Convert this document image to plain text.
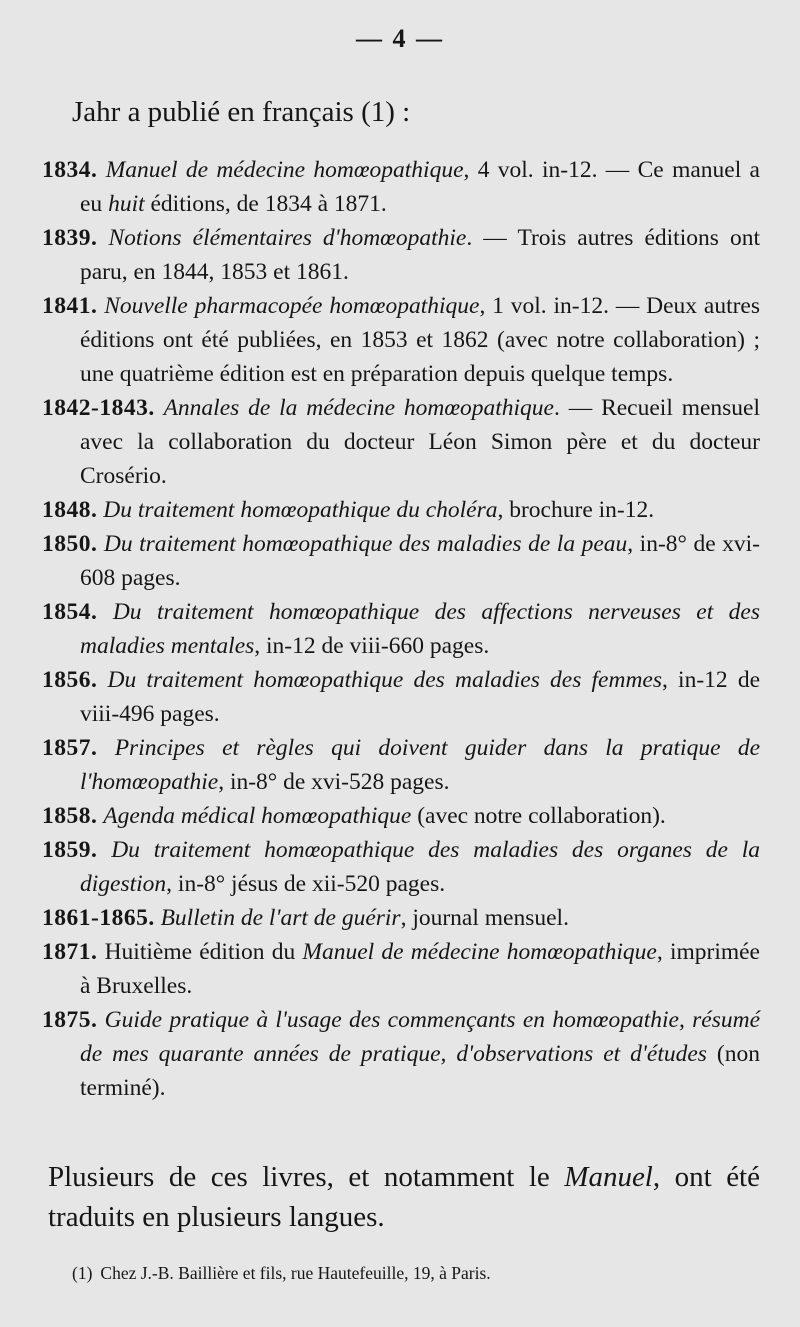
— 4 —
Jahr a publié en français (1) :

1834. Manuel de médecine homœopathique, 4 vol. in-12. — Ce manuel a eu huit éditions, de 1834 à 1871.

1839. Notions élémentaires d'homœopathie. — Trois autres éditions ont paru, en 1844, 1853 et 1861.

1841. Nouvelle pharmacopée homœopathique, 1 vol. in-12. — Deux autres éditions ont été publiées, en 1853 et 1862 (avec notre collaboration) ; une quatrième édition est en préparation depuis quelque temps.

1842-1843. Annales de la médecine homœopathique. — Recueil mensuel avec la collaboration du docteur Léon Simon père et du docteur Crosério.

1848. Du traitement homœopathique du choléra, brochure in-12.

1850. Du traitement homœopathique des maladies de la peau, in-8° de xvi-608 pages.

1854. Du traitement homœopathique des affections nerveuses et des maladies mentales, in-12 de viii-660 pages.

1856. Du traitement homœopathique des maladies des femmes, in-12 de viii-496 pages.

1857. Principes et règles qui doivent guider dans la pratique de l'homœopathie, in-8° de xvi-528 pages.

1858. Agenda médical homœopathique (avec notre collaboration).

1859. Du traitement homœopathique des maladies des organes de la digestion, in-8° jésus de xii-520 pages.

1861-1865. Bulletin de l'art de guérir, journal mensuel.

1871. Huitième édition du Manuel de médecine homœopathique, imprimée à Bruxelles.

1875. Guide pratique à l'usage des commençants en homœopathie, résumé de mes quarante années de pratique, d'observations et d'études (non terminé).

Plusieurs de ces livres, et notamment le Manuel, ont été traduits en plusieurs langues.
(1) Chez J.-B. Baillière et fils, rue Hautefeuille, 19, à Paris.
